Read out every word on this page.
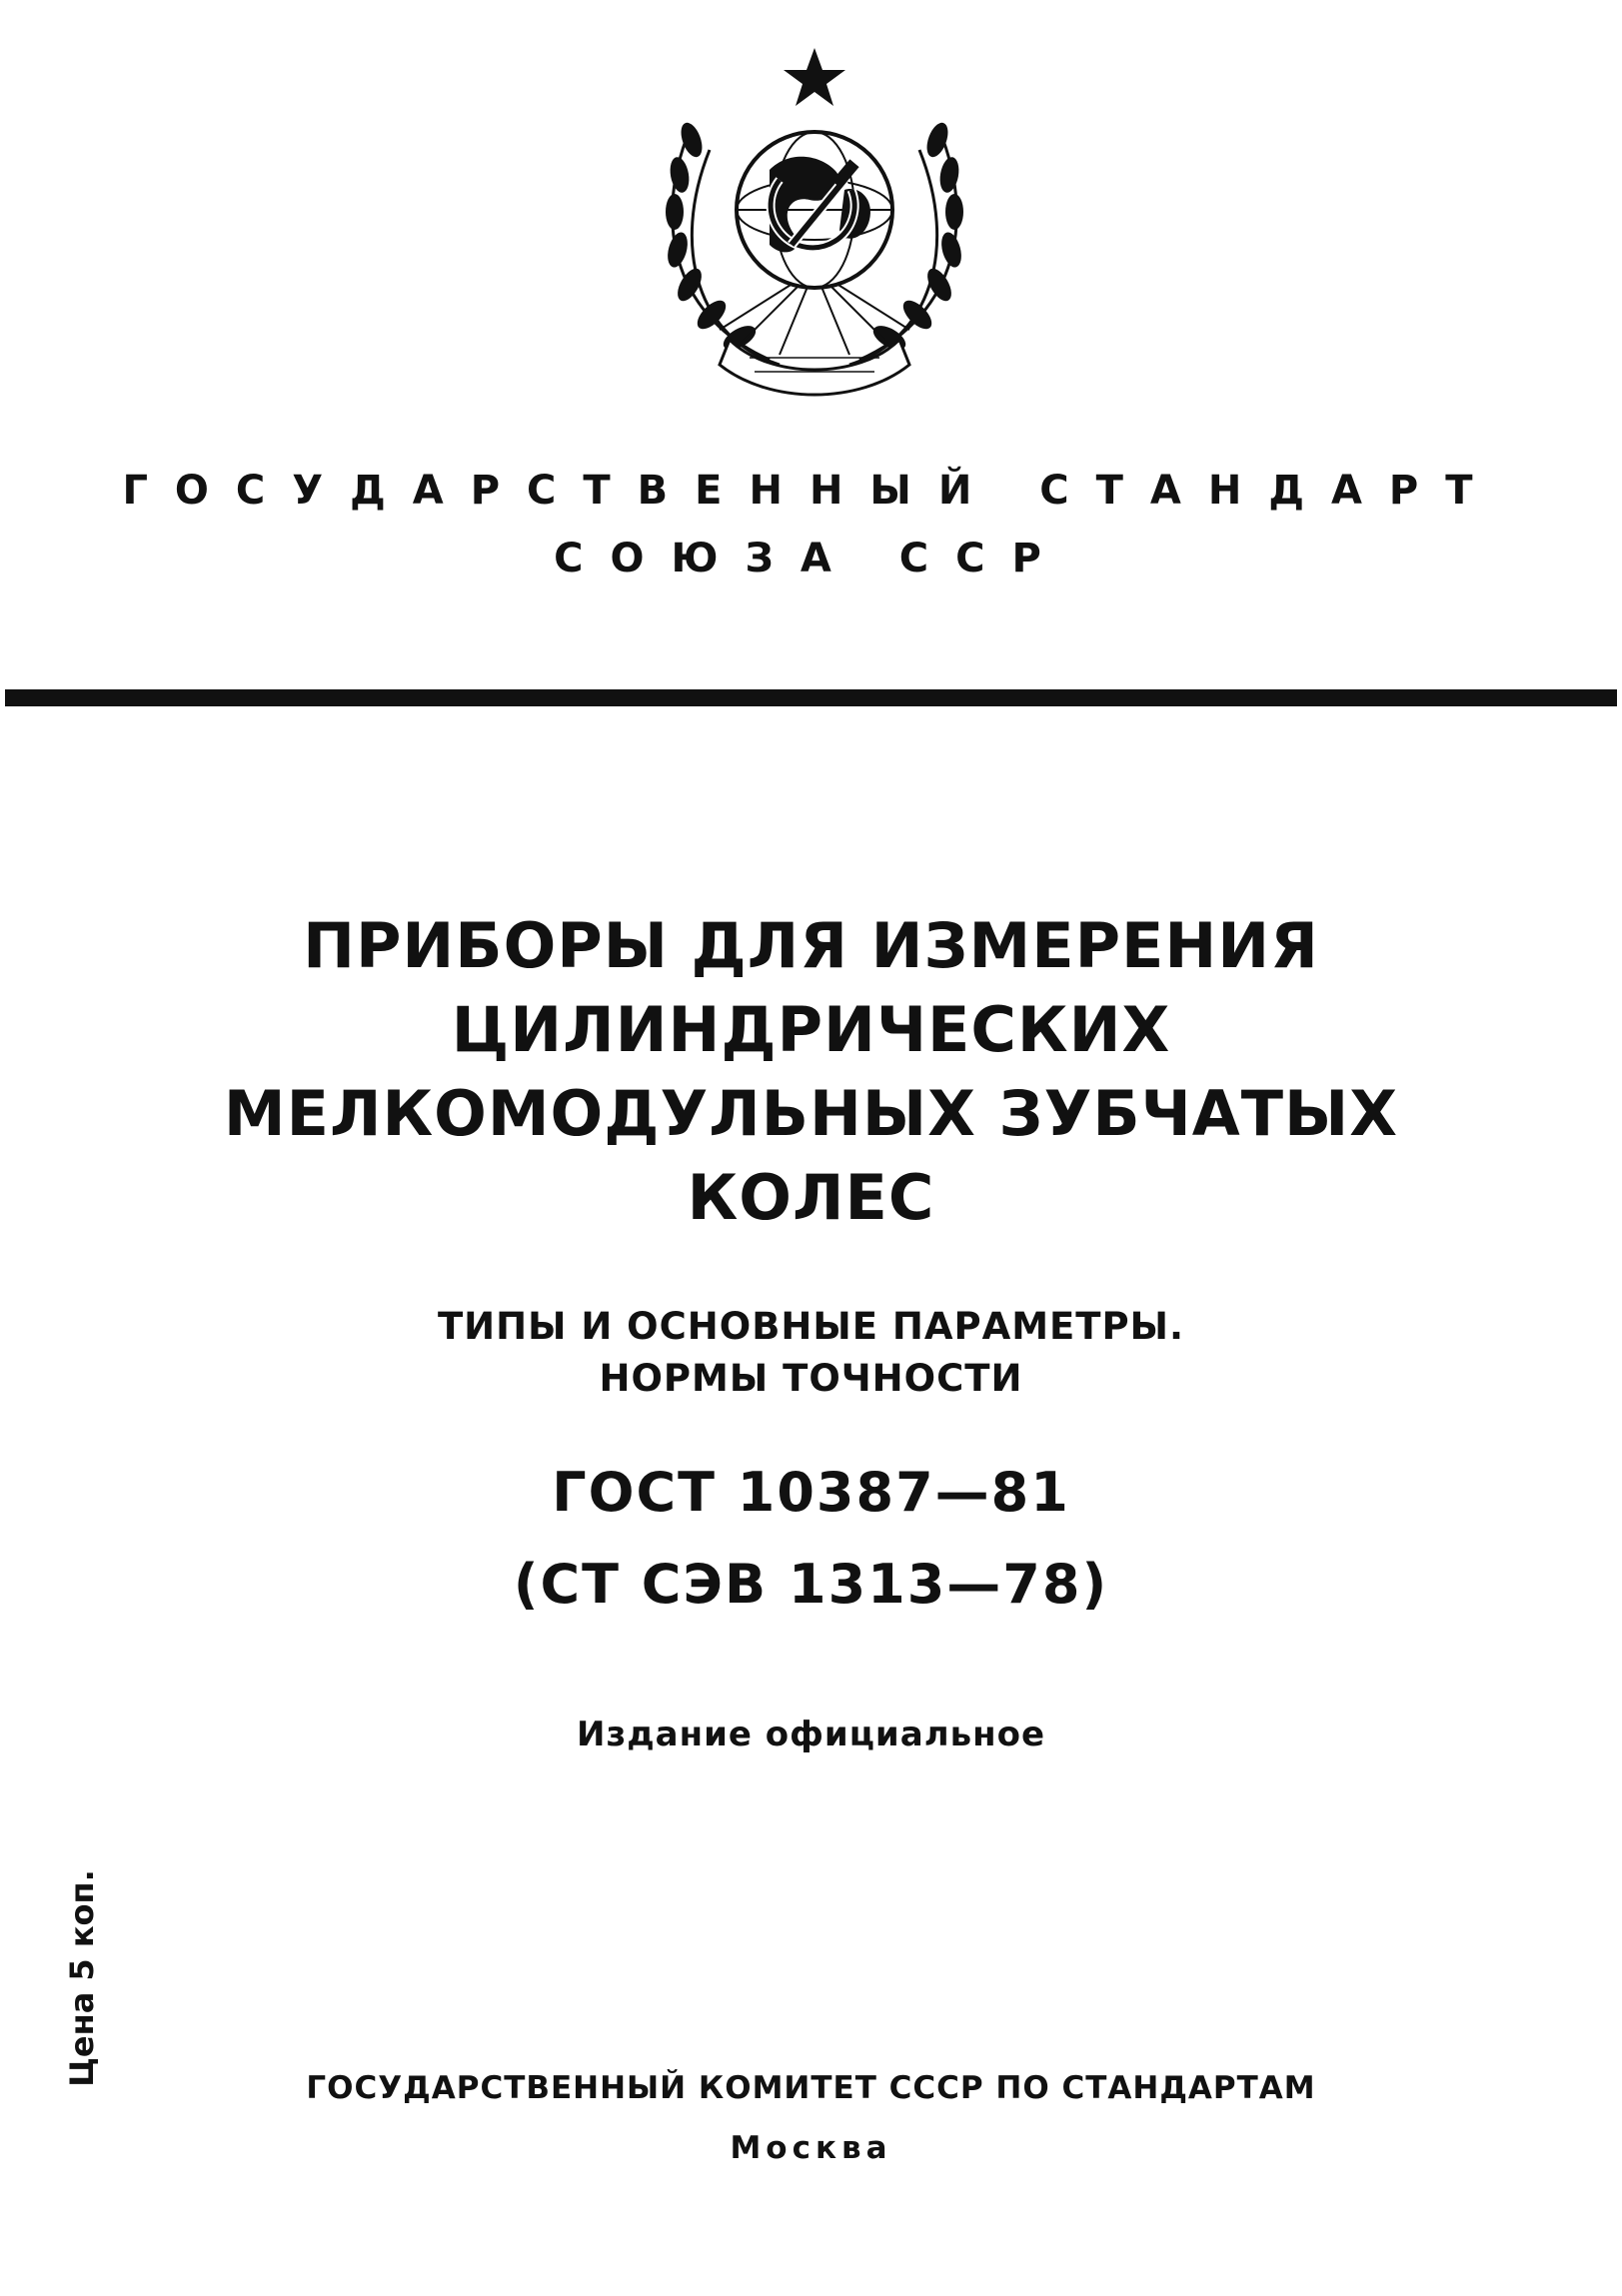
ГОСУДАРСТВЕННЫЙ СТАНДАРТ
СОЮЗА ССР
ПРИБОРЫ ДЛЯ ИЗМЕРЕНИЯ
ЦИЛИНДРИЧЕСКИХ
МЕЛКОМОДУЛЬНЫХ ЗУБЧАТЫХ
КОЛЕС
ТИПЫ И ОСНОВНЫЕ ПАРАМЕТРЫ.
НОРМЫ ТОЧНОСТИ
ГОСТ 10387—81
(СТ СЭВ 1313—78)
Издание официальное
Цена 5 коп.
ГОСУДАРСТВЕННЫЙ КОМИТЕТ СССР ПО СТАНДАРТАМ
Москва
